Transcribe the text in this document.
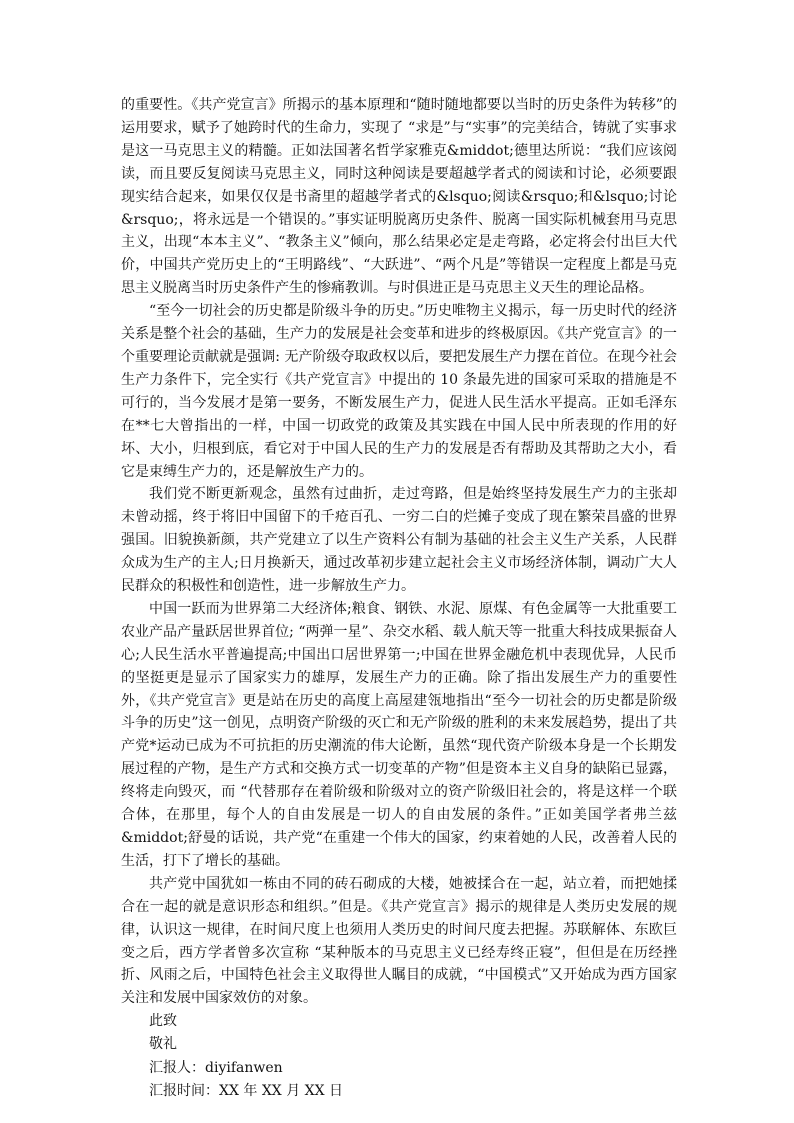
的重要性。《共产党宣言》所揭示的基本原理和“随时随地都要以当时的历史条件为转移”的运用要求，赋予了她跨时代的生命力，实现了 “求是”与“实事”的完美结合，铸就了实事求是这一马克思主义的精髓。正如法国著名哲学家雅克&middot;德里达所说：“我们应该阅读，而且要反复阅读马克思主义，同时这种阅读是要超越学者式的阅读和讨论，必须要跟现实结合起来，如果仅仅是书斋里的超越学者式的&lsquo;阅读&rsquo;和&lsquo;讨论&rsquo;，将永远是一个错误的。”事实证明脱离历史条件、脱离一国实际机械套用马克思主义，出现“本本主义”、“教条主义”倾向，那么结果必定是走弯路，必定将会付出巨大代价，中国共产党历史上的“王明路线”、“大跃进”、“两个凡是”等错误一定程度上都是马克思主义脱离当时历史条件产生的惨痛教训。与时俱进正是马克思主义天生的理论品格。

“至今一切社会的历史都是阶级斗争的历史。”历史唯物主义揭示，每一历史时代的经济关系是整个社会的基础，生产力的发展是社会变革和进步的终极原因。《共产党宣言》的一个重要理论贡献就是强调: 无产阶级夺取政权以后，要把发展生产力摆在首位。在现今社会生产力条件下，完全实行《共产党宣言》中提出的 10 条最先进的国家可采取的措施是不可行的，当今发展才是第一要务，不断发展生产力，促进人民生活水平提高。正如毛泽东在**七大曾指出的一样，中国一切政党的政策及其实践在中国人民中所表现的作用的好坏、大小，归根到底，看它对于中国人民的生产力的发展是否有帮助及其帮助之大小，看它是束缚生产力的，还是解放生产力的。

我们党不断更新观念，虽然有过曲折，走过弯路，但是始终坚持发展生产力的主张却未曾动摇，终于将旧中国留下的千疮百孔、一穷二白的烂摊子变成了现在繁荣昌盛的世界强国。旧貌换新颜，共产党建立了以生产资料公有制为基础的社会主义生产关系，人民群众成为生产的主人;日月换新天，通过改革初步建立起社会主义市场经济体制，调动广大人民群众的积极性和创造性，进一步解放生产力。

中国一跃而为世界第二大经济体;粮食、钢铁、水泥、原煤、有色金属等一大批重要工农业产品产量跃居世界首位; “两弹一星”、杂交水稻、载人航天等一批重大科技成果振奋人心;人民生活水平普遍提高;中国出口居世界第一;中国在世界金融危机中表现优异，人民币的坚挺更是显示了国家实力的雄厚，发展生产力的正确。除了指出发展生产力的重要性外，《共产党宣言》更是站在历史的高度上高屋建瓴地指出“至今一切社会的历史都是阶级斗争的历史”这一创见，点明资产阶级的灭亡和无产阶级的胜利的未来发展趋势，提出了共产党*运动已成为不可抗拒的历史潮流的伟大论断，虽然“现代资产阶级本身是一个长期发展过程的产物，是生产方式和交换方式一切变革的产物”但是资本主义自身的缺陷已显露，终将走向毁灭，而 “代替那存在着阶级和阶级对立的资产阶级旧社会的，将是这样一个联合体，在那里，每个人的自由发展是一切人的自由发展的条件。”正如美国学者弗兰兹&middot;舒曼的话说，共产党“在重建一个伟大的国家，约束着她的人民，改善着人民的生活，打下了增长的基础。

共产党中国犹如一栋由不同的砖石砌成的大楼，她被揉合在一起，站立着，而把她揉合在一起的就是意识形态和组织。”但是。《共产党宣言》揭示的规律是人类历史发展的规律，认识这一规律，在时间尺度上也须用人类历史的时间尺度去把握。苏联解体、东欧巨变之后，西方学者曾多次宣称 “某种版本的马克思主义已经寿终正寝”，但但是在历经挫折、风雨之后，中国特色社会主义取得世人瞩目的成就，“中国模式”又开始成为西方国家关注和发展中国家效仿的对象。

此致

敬礼

汇报人：diyifanwen

汇报时间：XX 年 XX 月 XX 日
